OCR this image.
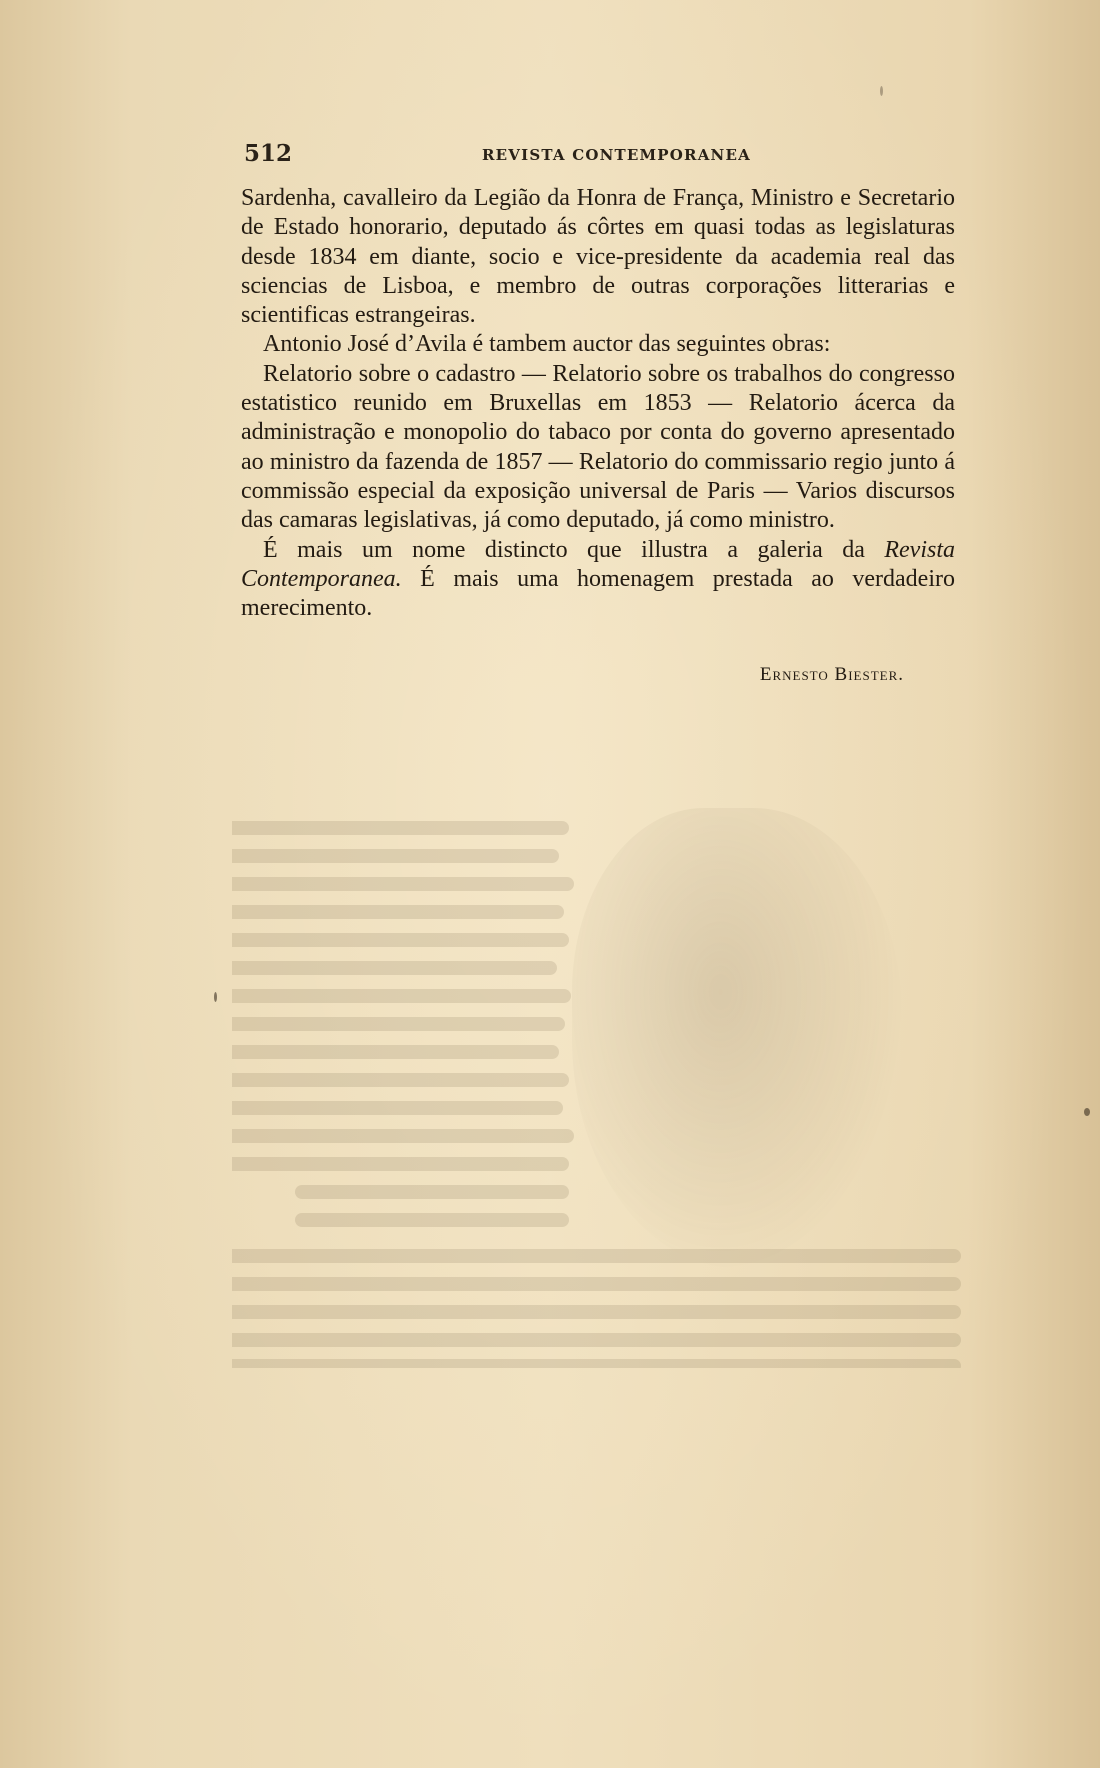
512	REVISTA CONTEMPORANEA

Sardenha, cavalleiro da Legião da Honra de França, Ministro e Secretario de Estado honorario, deputado ás côrtes em quasi todas as legislaturas desde 1834 em diante, socio e vice-presidente da academia real das sciencias de Lisboa, e membro de outras corporações litterarias e scientificas estrangeiras.

Antonio José d’Avila é tambem auctor das seguintes obras:

Relatorio sobre o cadastro — Relatorio sobre os trabalhos do congresso estatistico reunido em Bruxellas em 1853 — Relatorio ácerca da administração e monopolio do tabaco por conta do governo apresentado ao ministro da fazenda de 1857 — Relatorio do commissario regio junto á commissão especial da exposição universal de Paris — Varios discursos das camaras legislativas, já como deputado, já como ministro.

É mais um nome distincto que illustra a galeria da Revista Contemporanea. É mais uma homenagem prestada ao verdadeiro merecimento.

Ernesto Biester.
